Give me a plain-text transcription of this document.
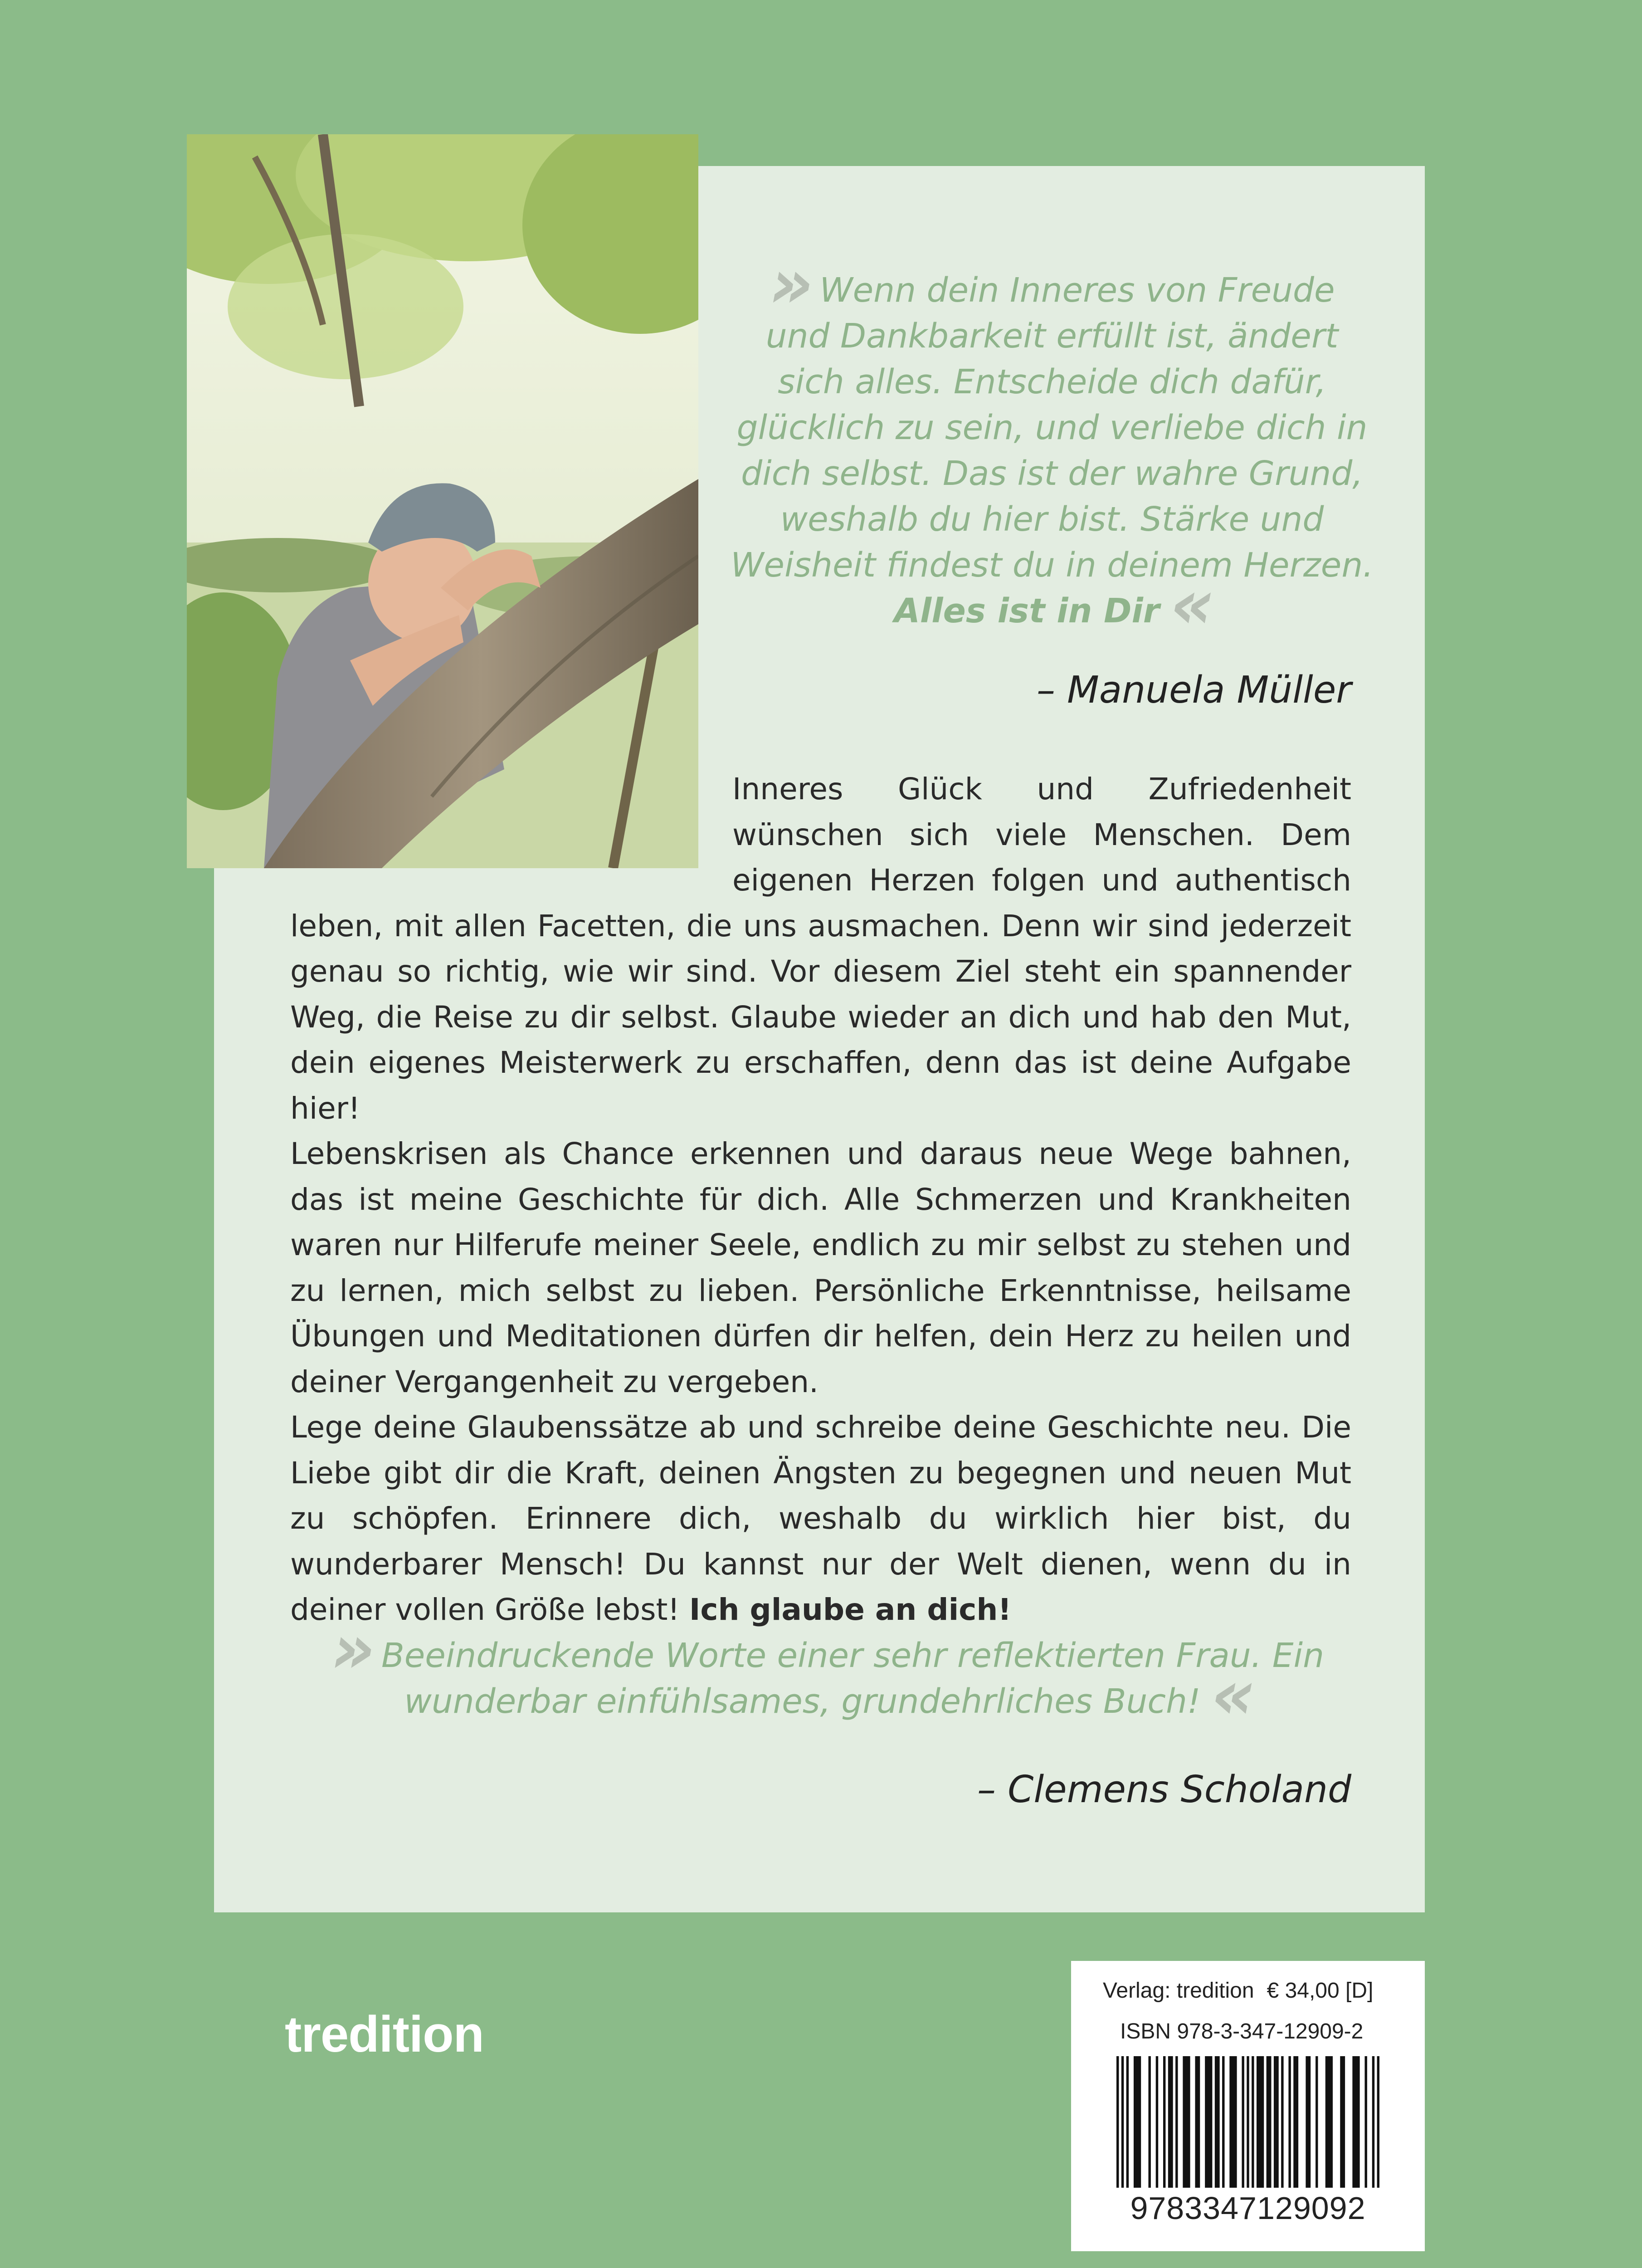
» Wenn dein Inneres von Freude
und Dankbarkeit erfüllt ist, ändert
sich alles. Entscheide dich dafür,
glücklich zu sein, und verliebe dich in
dich selbst. Das ist der wahre Grund,
weshalb du hier bist. Stärke und
Weisheit findest du in deinem Herzen.
Alles ist in Dir «
– Manuela Müller

Inneres Glück und Zufriedenheit wünschen sich viele Menschen. Dem eigenen Herzen folgen und authentisch leben, mit allen Facetten, die uns ausmachen. Denn wir sind jederzeit genau so richtig, wie wir sind. Vor diesem Ziel steht ein spannender Weg, die Reise zu dir selbst. Glaube wieder an dich und hab den Mut, dein eigenes Meisterwerk zu erschaffen, denn das ist deine Aufgabe hier!

Lebenskrisen als Chance erkennen und daraus neue Wege bahnen, das ist meine Geschichte für dich. Alle Schmerzen und Krankheiten waren nur Hilferufe meiner Seele, endlich zu mir selbst zu stehen und zu lernen, mich selbst zu lieben. Persönliche Erkenntnisse, heilsame Übungen und Meditationen dürfen dir helfen, dein Herz zu heilen und deiner Vergangenheit zu vergeben.

Lege deine Glaubenssätze ab und schreibe deine Geschichte neu. Die Liebe gibt dir die Kraft, deinen Ängsten zu begegnen und neuen Mut zu schöpfen. Erinnere dich, weshalb du wirklich hier bist, du wunderbarer Mensch! Du kannst nur der Welt dienen, wenn du in deiner vollen Größe lebst! Ich glaube an dich!

» Beeindruckende Worte einer sehr reflektierten Frau. Ein
wunderbar einfühlsames, grundehrliches Buch! «
– Clemens Scholand
tredition
Verlag: tredition € 34,00 [D]
ISBN 978-3-347-12909-2
9783347129092
